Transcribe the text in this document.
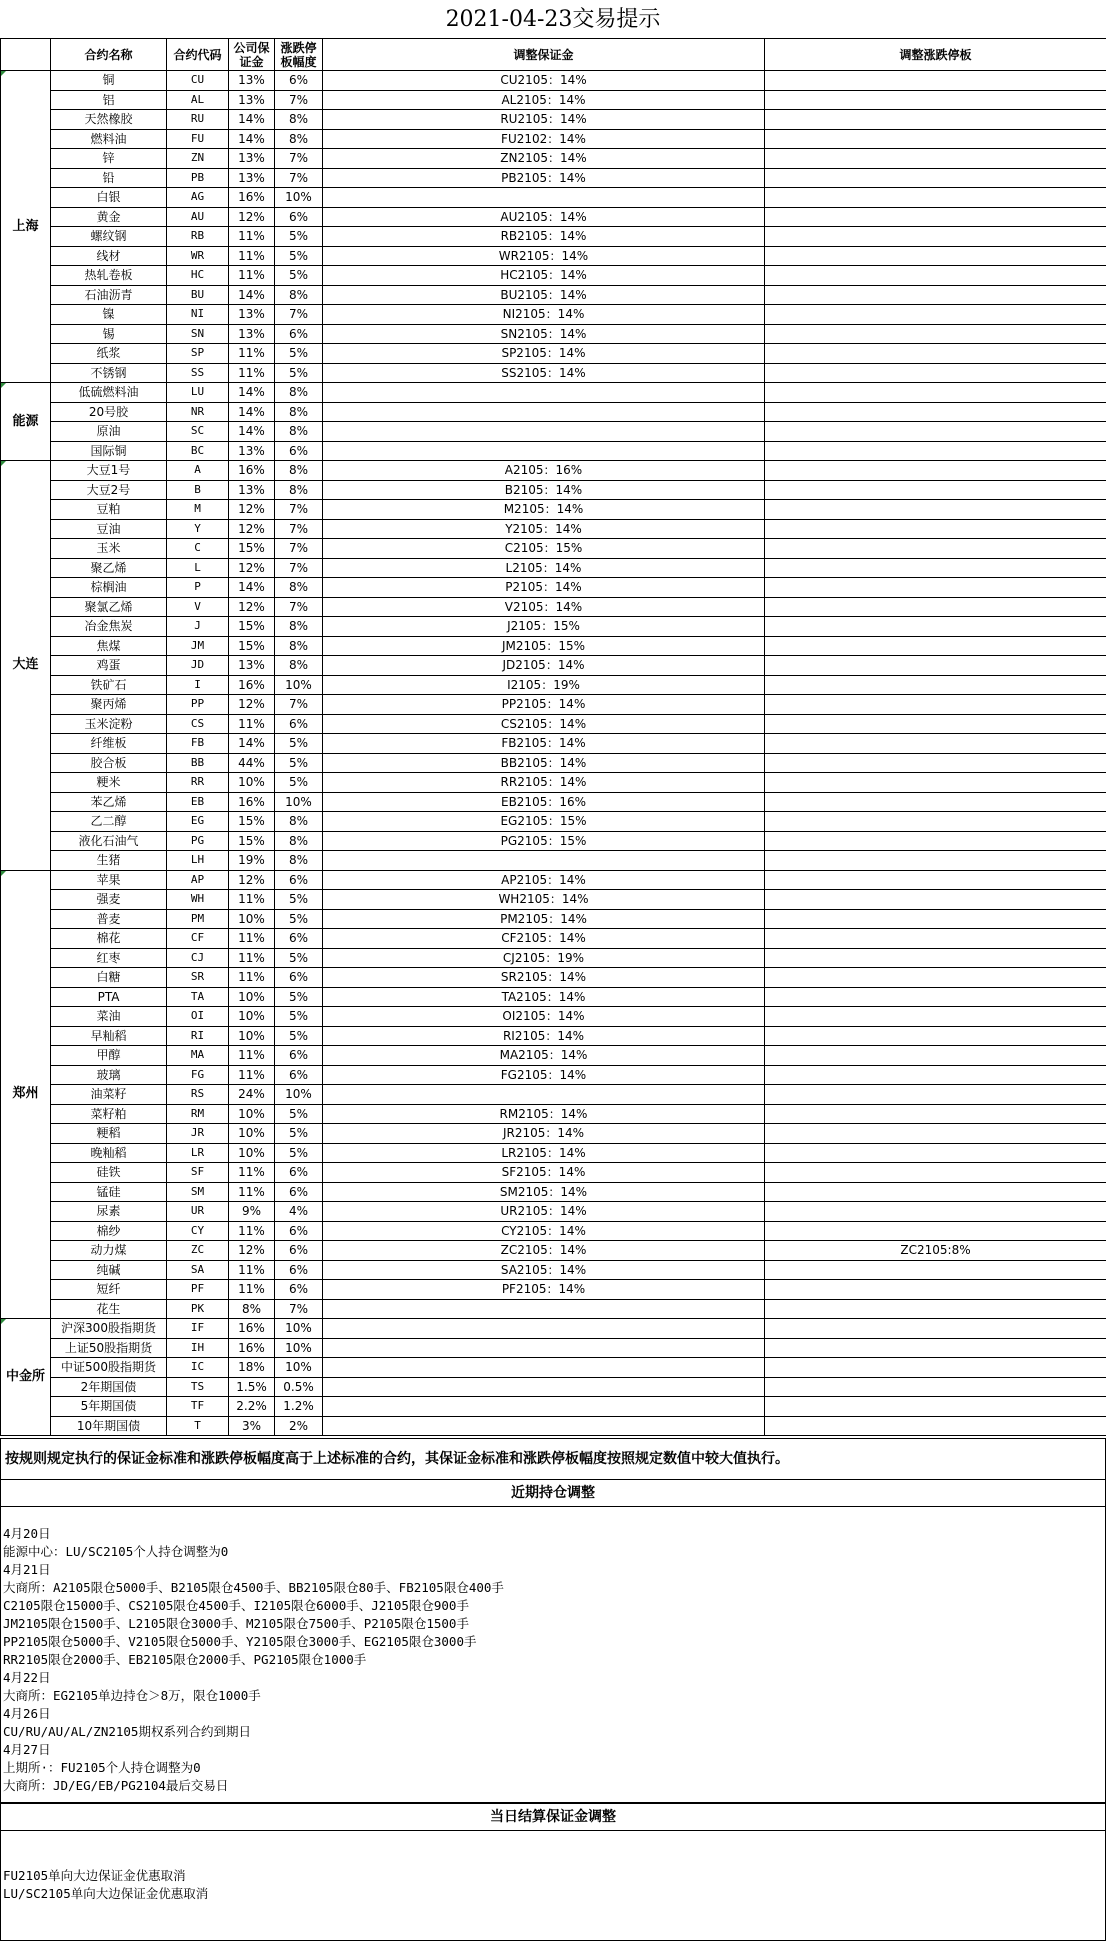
2021-04-23交易提示
	合约名称	合约代码	公司保证金	涨跌停板幅度	调整保证金	调整涨跌停板

上海	铜	CU	13%	6%	CU2105：14%	
	铝	AL	13%	7%	AL2105：14%	
	天然橡胶	RU	14%	8%	RU2105：14%	
	燃料油	FU	14%	8%	FU2102：14%	
	锌	ZN	13%	7%	ZN2105：14%	
	铅	PB	13%	7%	PB2105：14%	
	白银	AG	16%	10%		
	黄金	AU	12%	6%	AU2105：14%	
	螺纹钢	RB	11%	5%	RB2105：14%	
	线材	WR	11%	5%	WR2105：14%	
	热轧卷板	HC	11%	5%	HC2105：14%	
	石油沥青	BU	14%	8%	BU2105：14%	
	镍	NI	13%	7%	NI2105：14%	
	锡	SN	13%	6%	SN2105：14%	
	纸浆	SP	11%	5%	SP2105：14%	
	不锈钢	SS	11%	5%	SS2105：14%	

能源	低硫燃料油	LU	14%	8%		
	20号胶	NR	14%	8%		
	原油	SC	14%	8%		
	国际铜	BC	13%	6%		

大连	大豆1号	A	16%	8%	A2105：16%	
	大豆2号	B	13%	8%	B2105：14%	
	豆粕	M	12%	7%	M2105：14%	
	豆油	Y	12%	7%	Y2105：14%	
	玉米	C	15%	7%	C2105：15%	
	聚乙烯	L	12%	7%	L2105：14%	
	棕榈油	P	14%	8%	P2105：14%	
	聚氯乙烯	V	12%	7%	V2105：14%	
	冶金焦炭	J	15%	8%	J2105：15%	
	焦煤	JM	15%	8%	JM2105：15%	
	鸡蛋	JD	13%	8%	JD2105：14%	
	铁矿石	I	16%	10%	I2105：19%	
	聚丙烯	PP	12%	7%	PP2105：14%	
	玉米淀粉	CS	11%	6%	CS2105：14%	
	纤维板	FB	14%	5%	FB2105：14%	
	胶合板	BB	44%	5%	BB2105：14%	
	粳米	RR	10%	5%	RR2105：14%	
	苯乙烯	EB	16%	10%	EB2105：16%	
	乙二醇	EG	15%	8%	EG2105：15%	
	液化石油气	PG	15%	8%	PG2105：15%	
	生猪	LH	19%	8%		

郑州	苹果	AP	12%	6%	AP2105：14%	
	强麦	WH	11%	5%	WH2105：14%	
	普麦	PM	10%	5%	PM2105：14%	
	棉花	CF	11%	6%	CF2105：14%	
	红枣	CJ	11%	5%	CJ2105：19%	
	白糖	SR	11%	6%	SR2105：14%	
	PTA	TA	10%	5%	TA2105：14%	
	菜油	OI	10%	5%	OI2105：14%	
	早籼稻	RI	10%	5%	RI2105：14%	
	甲醇	MA	11%	6%	MA2105：14%	
	玻璃	FG	11%	6%	FG2105：14%	
	油菜籽	RS	24%	10%		
	菜籽粕	RM	10%	5%	RM2105：14%	
	粳稻	JR	10%	5%	JR2105：14%	
	晚籼稻	LR	10%	5%	LR2105：14%	
	硅铁	SF	11%	6%	SF2105：14%	
	锰硅	SM	11%	6%	SM2105：14%	
	尿素	UR	9%	4%	UR2105：14%	
	棉纱	CY	11%	6%	CY2105：14%	
	动力煤	ZC	12%	6%	ZC2105：14%	ZC2105:8%
	纯碱	SA	11%	6%	SA2105：14%	
	短纤	PF	11%	6%	PF2105：14%	
	花生	PK	8%	7%		

中金所	沪深300股指期货	IF	16%	10%		
	上证50股指期货	IH	16%	10%		
	中证500股指期货	IC	18%	10%		
	2年期国债	TS	1.5%	0.5%		
	5年期国债	TF	2.2%	1.2%		
	10年期国债	T	3%	2%		
按规则规定执行的保证金标准和涨跌停板幅度高于上述标准的合约，其保证金标准和涨跌停板幅度按照规定数值中较大值执行。
近期持仓调整

4月20日
能源中心：LU/SC2105个人持仓调整为0
4月21日
大商所：A2105限仓5000手、B2105限仓4500手、BB2105限仓80手、FB2105限仓400手
C2105限仓15000手、CS2105限仓4500手、I2105限仓6000手、J2105限仓900手
JM2105限仓1500手、L2105限仓3000手、M2105限仓7500手、P2105限仓1500手
PP2105限仓5000手、V2105限仓5000手、Y2105限仓3000手、EG2105限仓3000手
RR2105限仓2000手、EB2105限仓2000手、PG2105限仓1000手
4月22日
大商所：EG2105单边持仓＞8万，限仓1000手
4月26日
CU/RU/AU/AL/ZN2105期权系列合约到期日
4月27日
上期所·：FU2105个人持仓调整为0
大商所：JD/EG/EB/PG2104最后交易日
当日结算保证金调整

FU2105单向大边保证金优惠取消
LU/SC2105单向大边保证金优惠取消
